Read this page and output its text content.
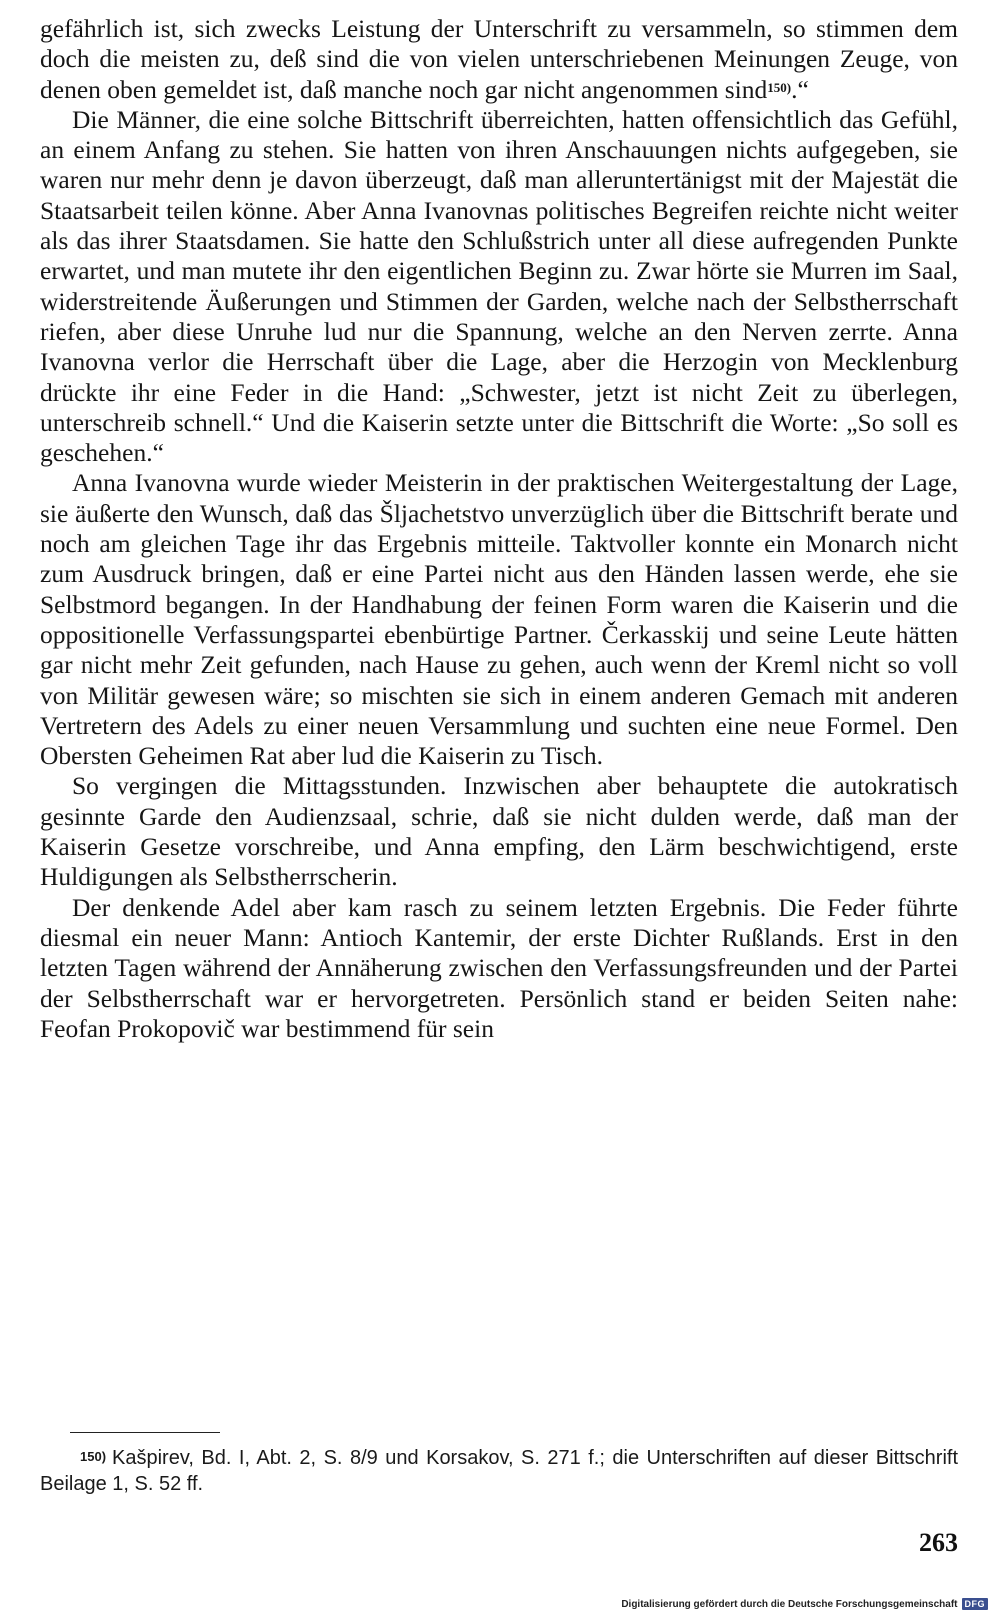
gefährlich ist, sich zwecks Leistung der Unterschrift zu versammeln, so stimmen dem doch die meisten zu, deß sind die von vielen unterschriebenen Meinungen Zeuge, von denen oben gemeldet ist, daß manche noch gar nicht angenommen sind$^{150)}$.“

Die Männer, die eine solche Bittschrift überreichten, hatten offensichtlich das Gefühl, an einem Anfang zu stehen. Sie hatten von ihren Anschauungen nichts aufgegeben, sie waren nur mehr denn je davon überzeugt, daß man alleruntertänigst mit der Majestät die Staatsarbeit teilen könne. Aber Anna Ivanovnas politisches Begreifen reichte nicht weiter als das ihrer Staatsdamen. Sie hatte den Schlußstrich unter all diese aufregenden Punkte erwartet, und man mutete ihr den eigentlichen Beginn zu. Zwar hörte sie Murren im Saal, widerstreitende Äußerungen und Stimmen der Garden, welche nach der Selbstherrschaft riefen, aber diese Unruhe lud nur die Spannung, welche an den Nerven zerrte. Anna Ivanovna verlor die Herrschaft über die Lage, aber die Herzogin von Mecklenburg drückte ihr eine Feder in die Hand: „Schwester, jetzt ist nicht Zeit zu überlegen, unterschreib schnell.“ Und die Kaiserin setzte unter die Bittschrift die Worte: „So soll es geschehen.“

Anna Ivanovna wurde wieder Meisterin in der praktischen Weitergestaltung der Lage, sie äußerte den Wunsch, daß das Šljachetstvo unverzüglich über die Bittschrift berate und noch am gleichen Tage ihr das Ergebnis mitteile. Taktvoller konnte ein Monarch nicht zum Ausdruck bringen, daß er eine Partei nicht aus den Händen lassen werde, ehe sie Selbstmord begangen. In der Handhabung der feinen Form waren die Kaiserin und die oppositionelle Verfassungspartei ebenbürtige Partner. Čerkasskij und seine Leute hätten gar nicht mehr Zeit gefunden, nach Hause zu gehen, auch wenn der Kreml nicht so voll von Militär gewesen wäre; so mischten sie sich in einem anderen Gemach mit anderen Vertretern des Adels zu einer neuen Versammlung und suchten eine neue Formel. Den Obersten Geheimen Rat aber lud die Kaiserin zu Tisch.

So vergingen die Mittagsstunden. Inzwischen aber behauptete die autokratisch gesinnte Garde den Audienzsaal, schrie, daß sie nicht dulden werde, daß man der Kaiserin Gesetze vorschreibe, und Anna empfing, den Lärm beschwichtigend, erste Huldigungen als Selbstherrscherin.

Der denkende Adel aber kam rasch zu seinem letzten Ergebnis. Die Feder führte diesmal ein neuer Mann: Antioch Kantemir, der erste Dichter Rußlands. Erst in den letzten Tagen während der Annäherung zwischen den Verfassungsfreunden und der Partei der Selbstherrschaft war er hervorgetreten. Persönlich stand er beiden Seiten nahe: Feofan Prokopovič war bestimmend für sein

$^{150)}$ Kašpirev, Bd. I, Abt. 2, S. 8/9 und Korsakov, S. 271 f.; die Unterschriften auf dieser Bittschrift Beilage 1, S. 52 ff.
263
Digitalisierung gefördert durch die Deutsche Forschungsgemeinschaft DFG
